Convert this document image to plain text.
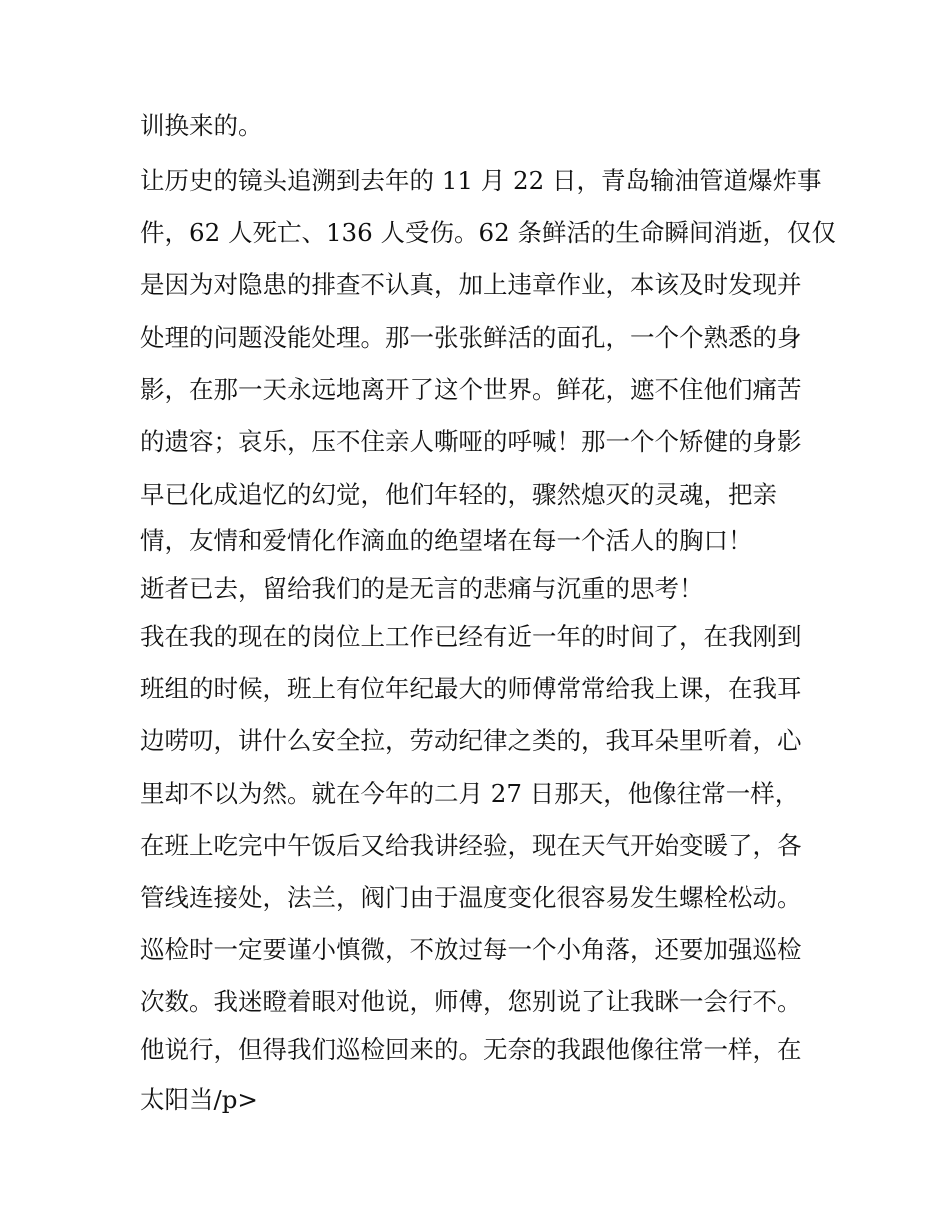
训换来的。

让历史的镜头追溯到去年的 11 月 22 日，青岛输油管道爆炸事

件，62 人死亡、136 人受伤。62 条鲜活的生命瞬间消逝，仅仅

是因为对隐患的排查不认真，加上违章作业，本该及时发现并

处理的问题没能处理。那一张张鲜活的面孔，一个个熟悉的身

影，在那一天永远地离开了这个世界。鲜花，遮不住他们痛苦

的遗容；哀乐，压不住亲人嘶哑的呼喊！那一个个矫健的身影

早已化成追忆的幻觉，他们年轻的，骤然熄灭的灵魂，把亲

情，友情和爱情化作滴血的绝望堵在每一个活人的胸口！

逝者已去，留给我们的是无言的悲痛与沉重的思考！

我在我的现在的岗位上工作已经有近一年的时间了，在我刚到

班组的时候，班上有位年纪最大的师傅常常给我上课，在我耳

边唠叨，讲什么安全拉，劳动纪律之类的，我耳朵里听着，心

里却不以为然。就在今年的二月 27 日那天，他像往常一样，

在班上吃完中午饭后又给我讲经验，现在天气开始变暖了，各

管线连接处，法兰，阀门由于温度变化很容易发生螺栓松动。

巡检时一定要谨小慎微，不放过每一个小角落，还要加强巡检

次数。我迷瞪着眼对他说，师傅，您别说了让我眯一会行不。

他说行，但得我们巡检回来的。无奈的我跟他像往常一样，在

太阳当/p>
